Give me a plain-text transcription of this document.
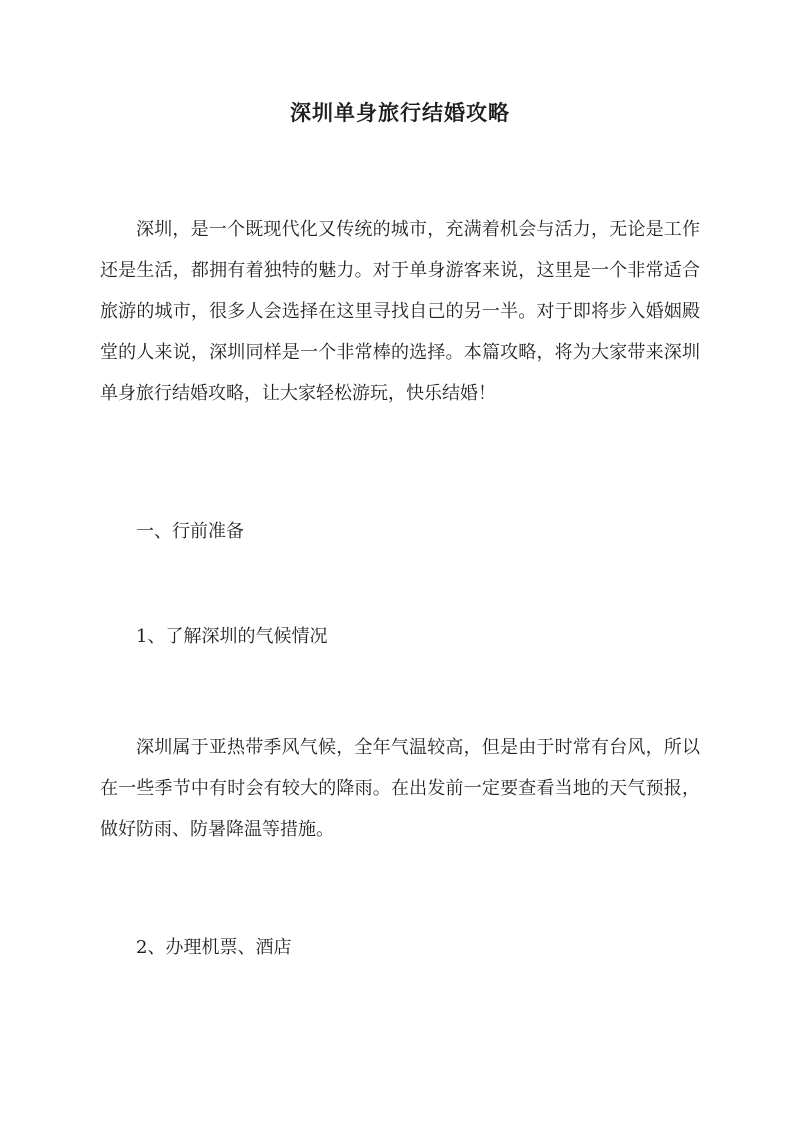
深圳单身旅行结婚攻略

深圳，是一个既现代化又传统的城市，充满着机会与活力，无论是工作还是生活，都拥有着独特的魅力。对于单身游客来说，这里是一个非常适合旅游的城市，很多人会选择在这里寻找自己的另一半。对于即将步入婚姻殿堂的人来说，深圳同样是一个非常棒的选择。本篇攻略，将为大家带来深圳单身旅行结婚攻略，让大家轻松游玩，快乐结婚！

一、行前准备

1、了解深圳的气候情况

深圳属于亚热带季风气候，全年气温较高，但是由于时常有台风，所以在一些季节中有时会有较大的降雨。在出发前一定要查看当地的天气预报，做好防雨、防暑降温等措施。

2、办理机票、酒店
